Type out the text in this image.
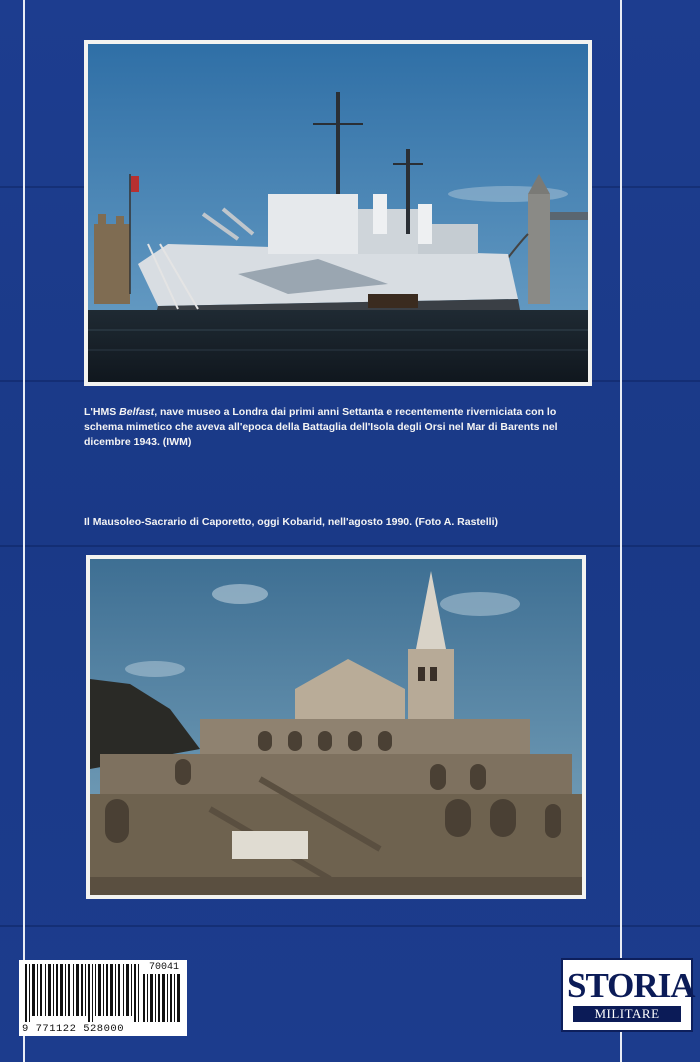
L'HMS Belfast, nave museo a Londra dai primi anni Settanta e recentemente riverniciata con lo schema mimetico che aveva all'epoca della Battaglia dell'Isola degli Orsi nel Mar di Barents nel dicembre 1943. (IWM)
Il Mausoleo-Sacrario di Caporetto, oggi Kobarid, nell'agosto 1990. (Foto A. Rastelli)
70041
9 771122 528000
STORIA
MILITARE
